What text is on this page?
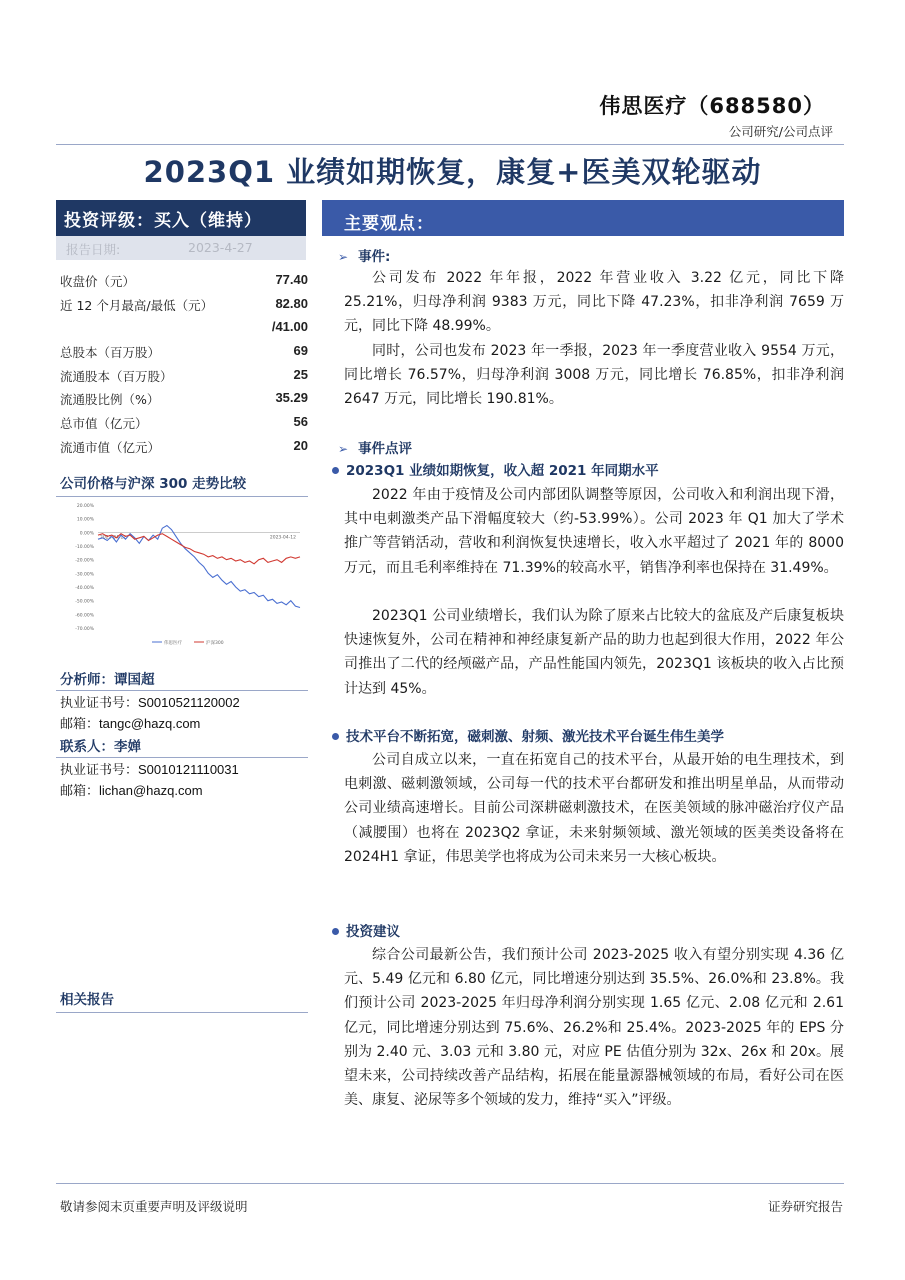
伟思医疗（688580）
公司研究/公司点评
2023Q1 业绩如期恢复，康复+医美双轮驱动
投资评级：买入（维持）
报告日期:	2023-4-27
收盘价（元）	77.40
近 12 个月最高/最低（元）	82.80
/41.00
总股本（百万股）	69
流通股本（百万股）	25
流通股比例（%）	35.29
总市值（亿元）	56
流通市值（亿元）	20
公司价格与沪深 300 走势比较
20.00%
10.00%
0.00%
-10.00%
-20.00%
-30.00%
-40.00%
-50.00%
-60.00%
-70.00%
2022-04-12	2023-04-12
伟思医疗	沪深300
分析师：谭国超
执业证书号：S0010521120002
邮箱：tangc@hazq.com
联系人：李婵
执业证书号：S0010121110031
邮箱：lichan@hazq.com
相关报告
主要观点：
➢ 事件:
公司发布 2022 年年报，2022 年营业收入 3.22 亿元，同比下降 25.21%，归母净利润 9383 万元，同比下降 47.23%，扣非净利润 7659 万元，同比下降 48.99%。
同时，公司也发布 2023 年一季报，2023 年一季度营业收入 9554 万元，同比增长 76.57%，归母净利润 3008 万元，同比增长 76.85%，扣非净利润 2647 万元，同比增长 190.81%。
➢ 事件点评
2023Q1 业绩如期恢复，收入超 2021 年同期水平
2022 年由于疫情及公司内部团队调整等原因，公司收入和利润出现下滑，其中电刺激类产品下滑幅度较大（约-53.99%）。公司 2023 年 Q1 加大了学术推广等营销活动，营收和利润恢复快速增长，收入水平超过了 2021 年的 8000 万元，而且毛利率维持在 71.39%的较高水平，销售净利率也保持在 31.49%。
2023Q1 公司业绩增长，我们认为除了原来占比较大的盆底及产后康复板块快速恢复外，公司在精神和神经康复新产品的助力也起到很大作用，2022 年公司推出了二代的经颅磁产品，产品性能国内领先，2023Q1 该板块的收入占比预计达到 45%。
技术平台不断拓宽，磁刺激、射频、激光技术平台诞生伟生美学
公司自成立以来，一直在拓宽自己的技术平台，从最开始的电生理技术，到电刺激、磁刺激领域，公司每一代的技术平台都研发和推出明星单品，从而带动公司业绩高速增长。目前公司深耕磁刺激技术，在医美领域的脉冲磁治疗仪产品（减腰围）也将在 2023Q2 拿证，未来射频领域、激光领域的医美类设备将在 2024H1 拿证，伟思美学也将成为公司未来另一大核心板块。
投资建议
综合公司最新公告，我们预计公司 2023-2025 收入有望分别实现 4.36 亿元、5.49 亿元和 6.80 亿元，同比增速分别达到 35.5%、26.0%和 23.8%。我们预计公司 2023-2025 年归母净利润分别实现 1.65 亿元、2.08 亿元和 2.61 亿元，同比增速分别达到 75.6%、26.2%和 25.4%。2023-2025 年的 EPS 分别为 2.40 元、3.03 元和 3.80 元，对应 PE 估值分别为 32x、26x 和 20x。展望未来，公司持续改善产品结构，拓展在能量源器械领域的布局，看好公司在医美、康复、泌尿等多个领域的发力，维持“买入”评级。
敬请参阅末页重要声明及评级说明	证券研究报告
